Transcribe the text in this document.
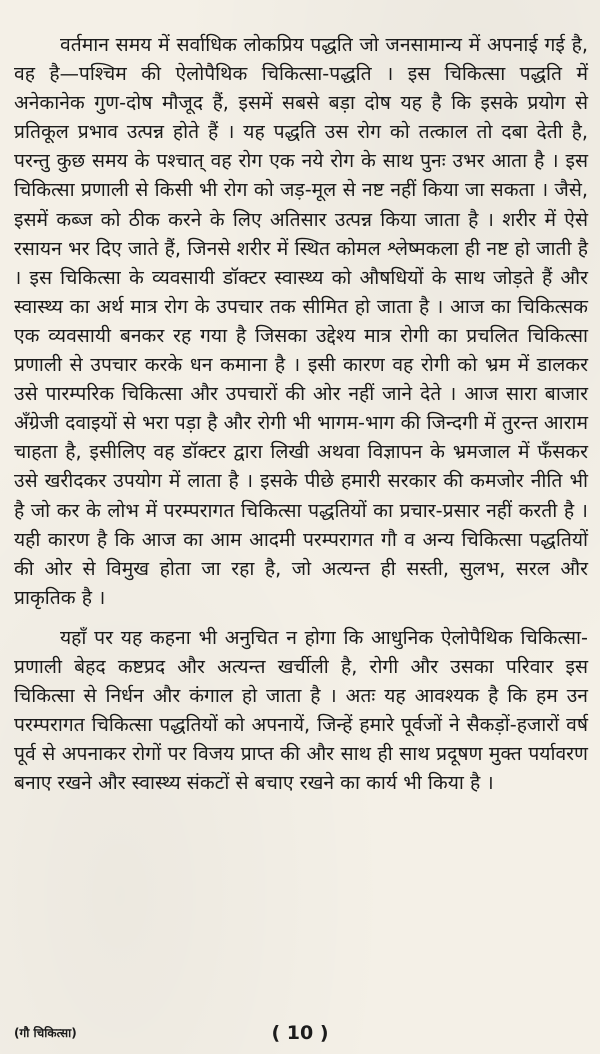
वर्तमान समय में सर्वाधिक लोकप्रिय पद्धति जो जनसामान्य में अपनाई गई है, वह है—पश्चिम की ऐलोपैथिक चिकित्सा-पद्धति । इस चिकित्सा पद्धति में अनेकानेक गुण-दोष मौजूद हैं, इसमें सबसे बड़ा दोष यह है कि इसके प्रयोग से प्रतिकूल प्रभाव उत्पन्न होते हैं । यह पद्धति उस रोग को तत्काल तो दबा देती है, परन्तु कुछ समय के पश्चात् वह रोग एक नये रोग के साथ पुनः उभर आता है । इस चिकित्सा प्रणाली से किसी भी रोग को जड़-मूल से नष्ट नहीं किया जा सकता । जैसे, इसमें कब्ज को ठीक करने के लिए अतिसार उत्पन्न किया जाता है । शरीर में ऐसे रसायन भर दिए जाते हैं, जिनसे शरीर में स्थित कोमल श्लेष्मकला ही नष्ट हो जाती है । इस चिकित्सा के व्यवसायी डॉक्टर स्वास्थ्य को औषधियों के साथ जोड़ते हैं और स्वास्थ्य का अर्थ मात्र रोग के उपचार तक सीमित हो जाता है । आज का चिकित्सक एक व्यवसायी बनकर रह गया है जिसका उद्देश्य मात्र रोगी का प्रचलित चिकित्सा प्रणाली से उपचार करके धन कमाना है । इसी कारण वह रोगी को भ्रम में डालकर उसे पारम्परिक चिकित्सा और उपचारों की ओर नहीं जाने देते । आज सारा बाजार अँग्रेजी दवाइयों से भरा पड़ा है और रोगी भी भागम-भाग की जिन्दगी में तुरन्त आराम चाहता है, इसीलिए वह डॉक्टर द्वारा लिखी अथवा विज्ञापन के भ्रमजाल में फँसकर उसे खरीदकर उपयोग में लाता है । इसके पीछे हमारी सरकार की कमजोर नीति भी है जो कर के लोभ में परम्परागत चिकित्सा पद्धतियों का प्रचार-प्रसार नहीं करती है । यही कारण है कि आज का आम आदमी परम्परागत गौ व अन्य चिकित्सा पद्धतियों की ओर से विमुख होता जा रहा है, जो अत्यन्त ही सस्ती, सुलभ, सरल और प्राकृतिक है ।

यहाँ पर यह कहना भी अनुचित न होगा कि आधुनिक ऐलोपैथिक चिकित्सा-प्रणाली बेहद कष्टप्रद और अत्यन्त खर्चीली है, रोगी और उसका परिवार इस चिकित्सा से निर्धन और कंगाल हो जाता है । अतः यह आवश्यक है कि हम उन परम्परागत चिकित्सा पद्धतियों को अपनायें, जिन्हें हमारे पूर्वजों ने सैकड़ों-हजारों वर्ष पूर्व से अपनाकर रोगों पर विजय प्राप्त की और साथ ही साथ प्रदूषण मुक्त पर्यावरण बनाए रखने और स्वास्थ्य संकटों से बचाए रखने का कार्य भी किया है ।

(गौ चिकित्सा)	( 10 )
